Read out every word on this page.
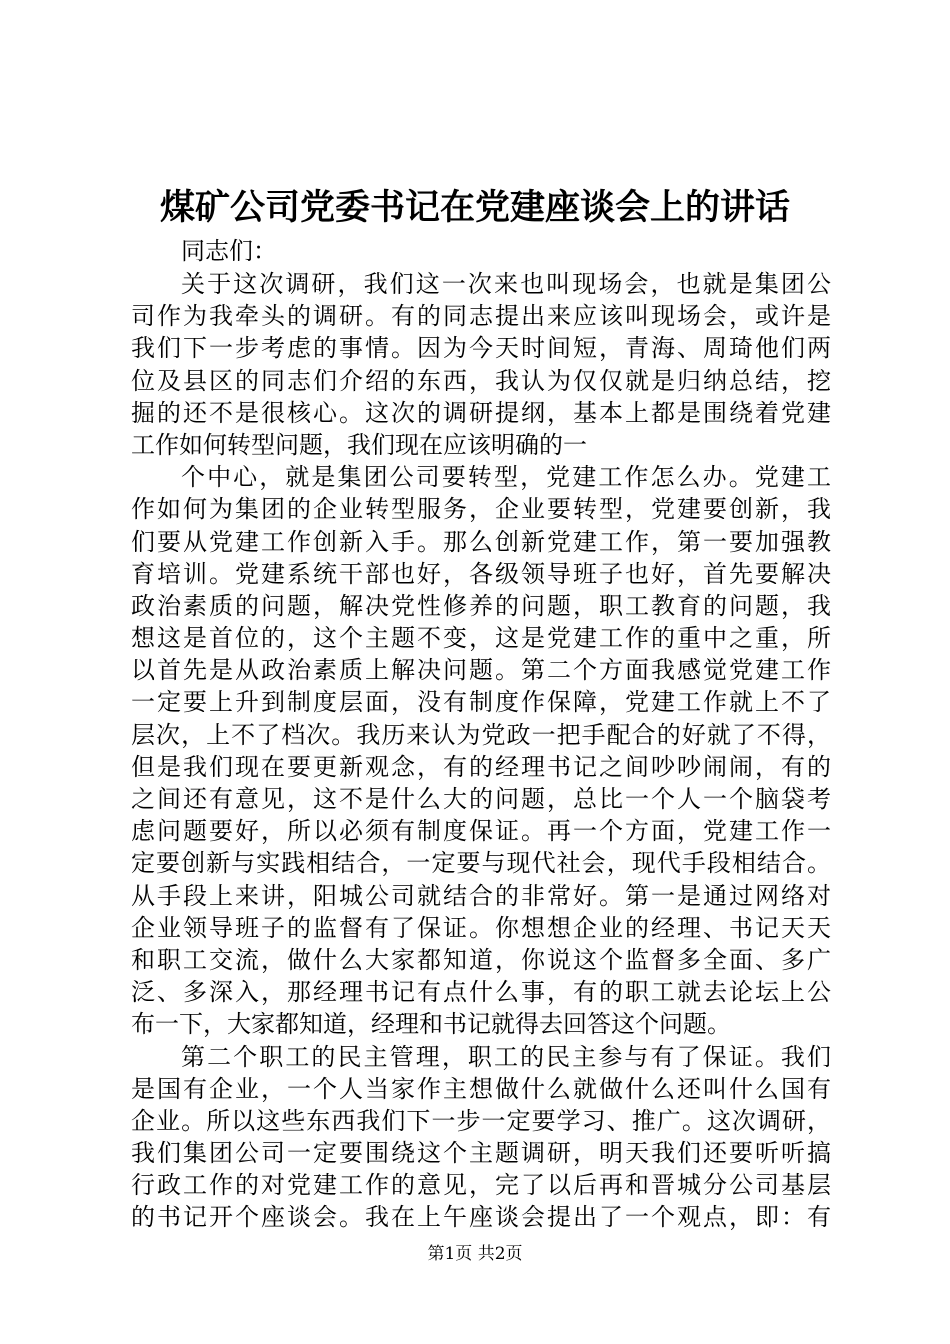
煤矿公司党委书记在党建座谈会上的讲话

同志们：

关于这次调研，我们这一次来也叫现场会，也就是集团公
司作为我牵头的调研。有的同志提出来应该叫现场会，或许是
我们下一步考虑的事情。因为今天时间短，青海、周琦他们两
位及县区的同志们介绍的东西，我认为仅仅就是归纳总结，挖
掘的还不是很核心。这次的调研提纲，基本上都是围绕着党建
工作如何转型问题，我们现在应该明确的一
个中心，就是集团公司要转型，党建工作怎么办。党建工
作如何为集团的企业转型服务，企业要转型，党建要创新，我
们要从党建工作创新入手。那么创新党建工作，第一要加强教
育培训。党建系统干部也好，各级领导班子也好，首先要解决
政治素质的问题，解决党性修养的问题，职工教育的问题，我
想这是首位的，这个主题不变，这是党建工作的重中之重，所
以首先是从政治素质上解决问题。第二个方面我感觉党建工作
一定要上升到制度层面，没有制度作保障，党建工作就上不了
层次，上不了档次。我历来认为党政一把手配合的好就了不得，
但是我们现在要更新观念，有的经理书记之间吵吵闹闹，有的
之间还有意见，这不是什么大的问题，总比一个人一个脑袋考
虑问题要好，所以必须有制度保证。再一个方面，党建工作一
定要创新与实践相结合，一定要与现代社会，现代手段相结合。
从手段上来讲，阳城公司就结合的非常好。第一是通过网络对
企业领导班子的监督有了保证。你想想企业的经理、书记天天
和职工交流，做什么大家都知道，你说这个监督多全面、多广
泛、多深入，那经理书记有点什么事，有的职工就去论坛上公
布一下，大家都知道，经理和书记就得去回答这个问题。
第二个职工的民主管理，职工的民主参与有了保证。我们
是国有企业，一个人当家作主想做什么就做什么还叫什么国有
企业。所以这些东西我们下一步一定要学习、推广。这次调研，
我们集团公司一定要围绕这个主题调研，明天我们还要听听搞
行政工作的对党建工作的意见，完了以后再和晋城分公司基层
的书记开个座谈会。我在上午座谈会提出了一个观点，即：有

第1页 共2页
